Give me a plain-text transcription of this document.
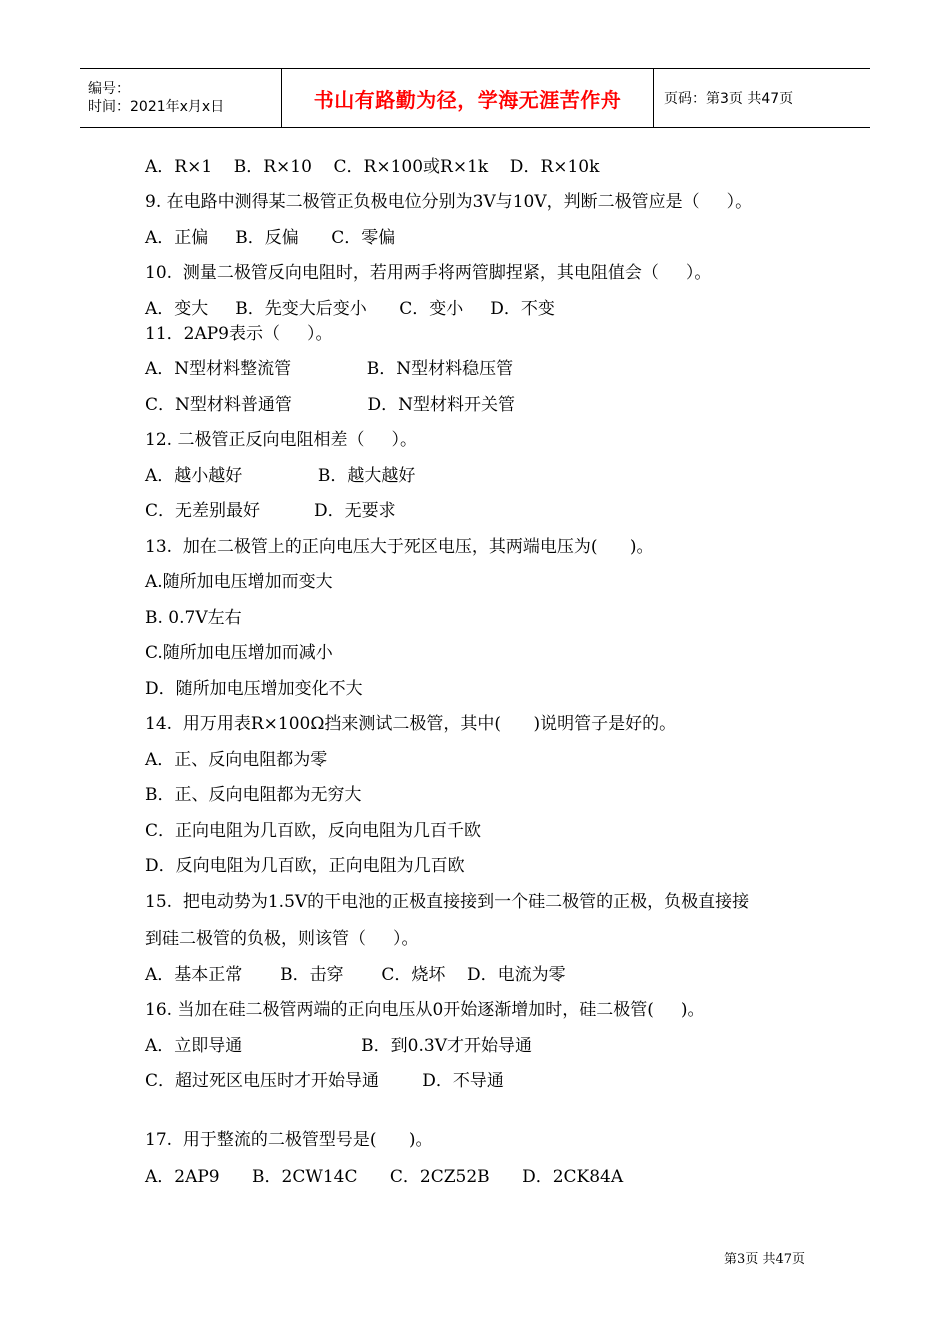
编号：
时间：2021年x月x日	书山有路勤为径，学海无涯苦作舟	页码：第3页 共47页
A．R×1    B．R×10    C．R×100或R×1k    D．R×10k
9. 在电路中测得某二极管正负极电位分别为3V与10V，判断二极管应是（     ）。
A．正偏     B．反偏      C．零偏
10.  测量二极管反向电阻时，若用两手将两管脚捏紧，其电阻值会（     ）。
A．变大     B．先变大后变小      C．变小     D．不变
11．2AP9表示（     ）。
A．N型材料整流管              B．N型材料稳压管
C．N型材料普通管              D．N型材料开关管
12. 二极管正反向电阻相差（     ）。
A．越小越好              B．越大越好
C．无差别最好          D．无要求
13.  加在二极管上的正向电压大于死区电压，其两端电压为(      )。
A.随所加电压增加而变大
B. 0.7V左右
C.随所加电压增加而减小
D．随所加电压增加变化不大
14.  用万用表R×100Ω挡来测试二极管，其中(      )说明管子是好的。
A．正、反向电阻都为零
B．正、反向电阻都为无穷大
C．正向电阻为几百欧，反向电阻为几百千欧
D．反向电阻为几百欧，正向电阻为几百欧
15.  把电动势为1.5V的干电池的正极直接接到一个硅二极管的正极，负极直接接
到硅二极管的负极，则该管（     ）。
A．基本正常       B．击穿       C．烧坏    D．电流为零
16. 当加在硅二极管两端的正向电压从0开始逐渐增加时，硅二极管(     )。
A．立即导通                      B．到0.3V才开始导通
C．超过死区电压时才开始导通        D．不导通
17.  用于整流的二极管型号是(      )。
A．2AP9      B．2CW14C      C．2CZ52B      D．2CK84A
第3页 共47页
